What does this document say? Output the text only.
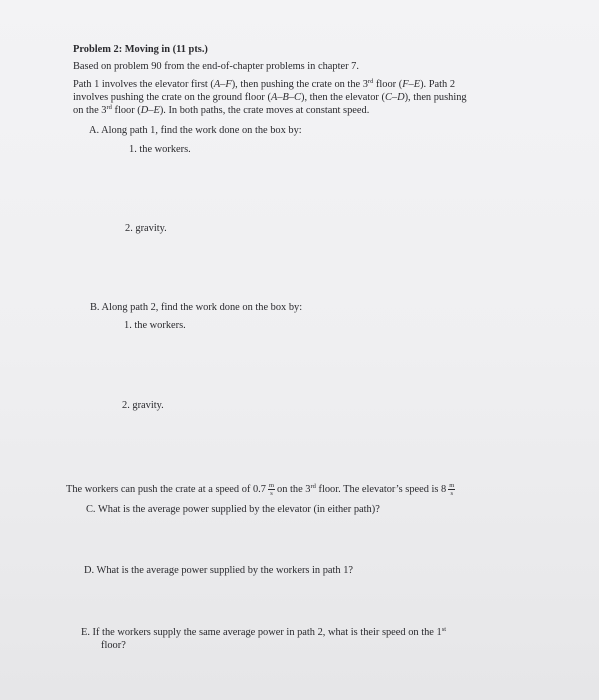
Problem 2: Moving in (11 pts.)
Based on problem 90 from the end-of-chapter problems in chapter 7.
Path 1 involves the elevator first (A–F), then pushing the crate on the 3rd floor (F–E). Path 2
involves pushing the crate on the ground floor (A–B–C), then the elevator (C–D), then pushing
on the 3rd floor (D–E). In both paths, the crate moves at constant speed.
A. Along path 1, find the work done on the box by:
1. the workers.
2. gravity.
B. Along path 2, find the work done on the box by:
1. the workers.
2. gravity.
The workers can push the crate at a speed of $0.7 \frac{m}{s}$ on the 3rd floor. The elevator’s speed is $8 \frac{m}{s}$
C. What is the average power supplied by the elevator (in either path)?
D. What is the average power supplied by the workers in path 1?
E. If the workers supply the same average power in path 2, what is their speed on the 1st
floor?
